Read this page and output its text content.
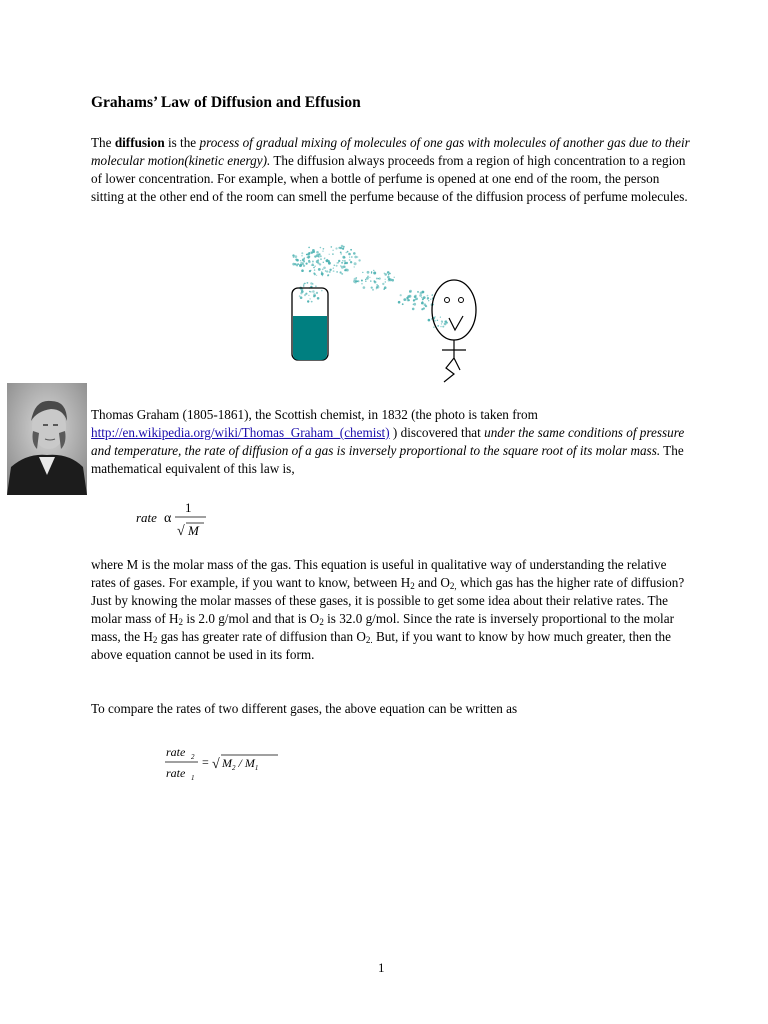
Grahams’ Law of Diffusion and Effusion

The diffusion is the process of gradual mixing of molecules of one gas with molecules of another gas due to their molecular motion(kinetic energy). The diffusion always proceeds from a region of high concentration to a region of lower concentration. For example, when a bottle of perfume is opened at one end of the room, the person sitting at the other end of the room can smell the perfume because of the diffusion process of perfume molecules.

Thomas Graham (1805-1861), the Scottish chemist, in 1832 (the photo is taken from http://en.wikipedia.org/wiki/Thomas_Graham_(chemist) ) discovered that under the same conditions of pressure and temperature, the rate of diffusion of a gas is inversely proportional to the square root of its molar mass. The mathematical equivalent of this law is,

rate α
1
√ M

where M is the molar mass of the gas. This equation is useful in qualitative way of understanding the relative rates of gases. For example, if you want to know, between $H_2$ and $O_{2,}$ which gas has the higher rate of diffusion? Just by knowing the molar masses of these gases, it is possible to get some idea about their relative rates. The molar mass of $H_2$ is 2.0 g/mol and that is $O_2$ is 32.0 g/mol. Since the rate is inversely proportional to the molar mass, the $H_2$ gas has greater rate of diffusion than $O_{2.}$ But, if you want to know by how much greater, then the above equation cannot be used in its form.

To compare the rates of two different gases, the above equation can be written as

rate 2
rate 1
= √ $M_2 / M_1$
1
